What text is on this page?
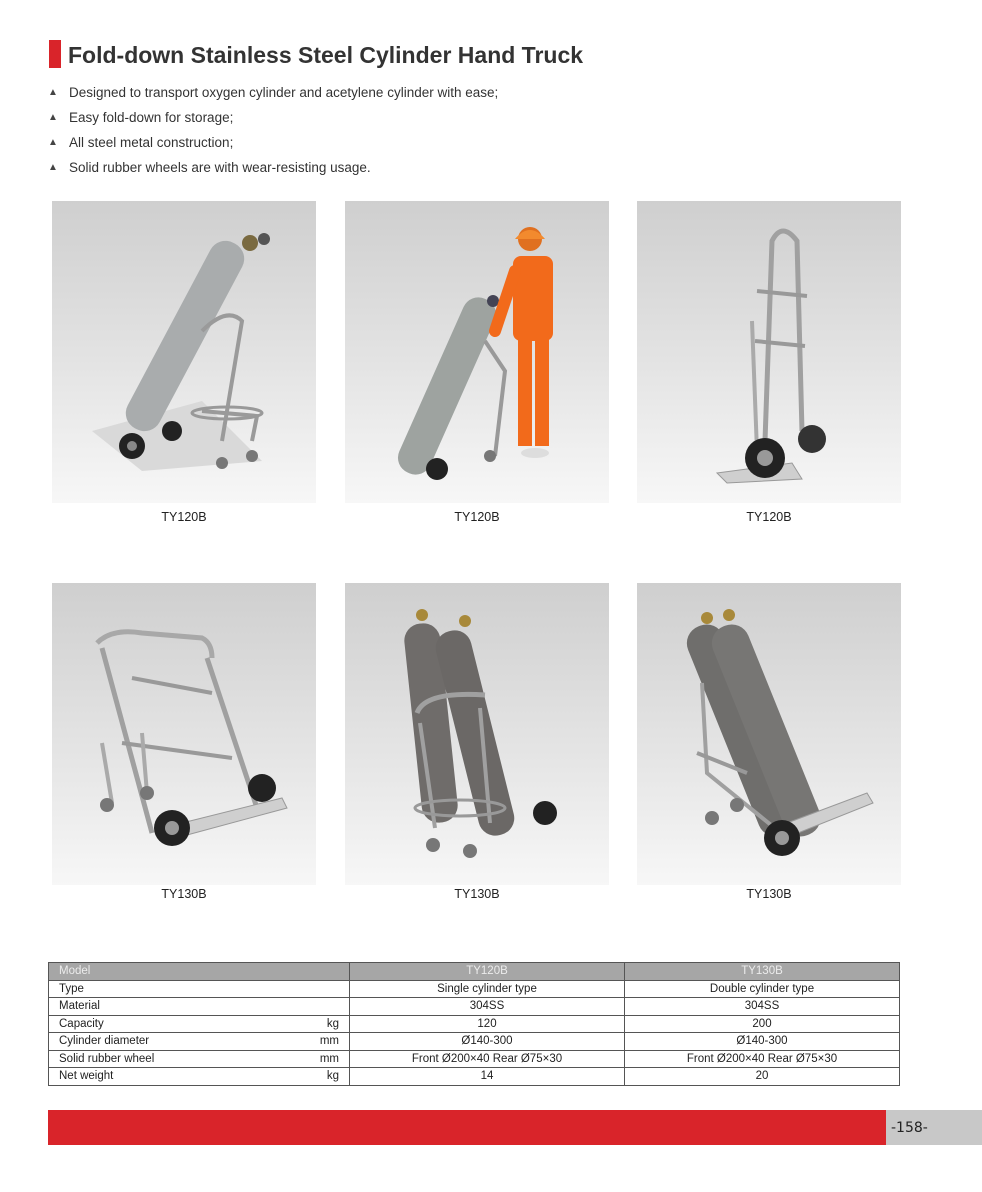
Fold-down Stainless Steel Cylinder Hand Truck
▲ Designed to transport oxygen cylinder and acetylene cylinder with ease;
▲ Easy fold-down for storage;
▲ All steel metal construction;
▲ Solid rubber wheels are with wear-resisting usage.
TY120B	TY120B	TY120B
TY130B	TY130B	TY130B
Model	TY120B	TY130B
Type	Single cylinder type	Double cylinder type
Material	304SS	304SS
Capacity kg	120	200
Cylinder diameter mm	Ø140-300	Ø140-300
Solid rubber wheel mm	Front Ø200×40 Rear Ø75×30	Front Ø200×40 Rear Ø75×30
Net weight kg	14	20
-158-
